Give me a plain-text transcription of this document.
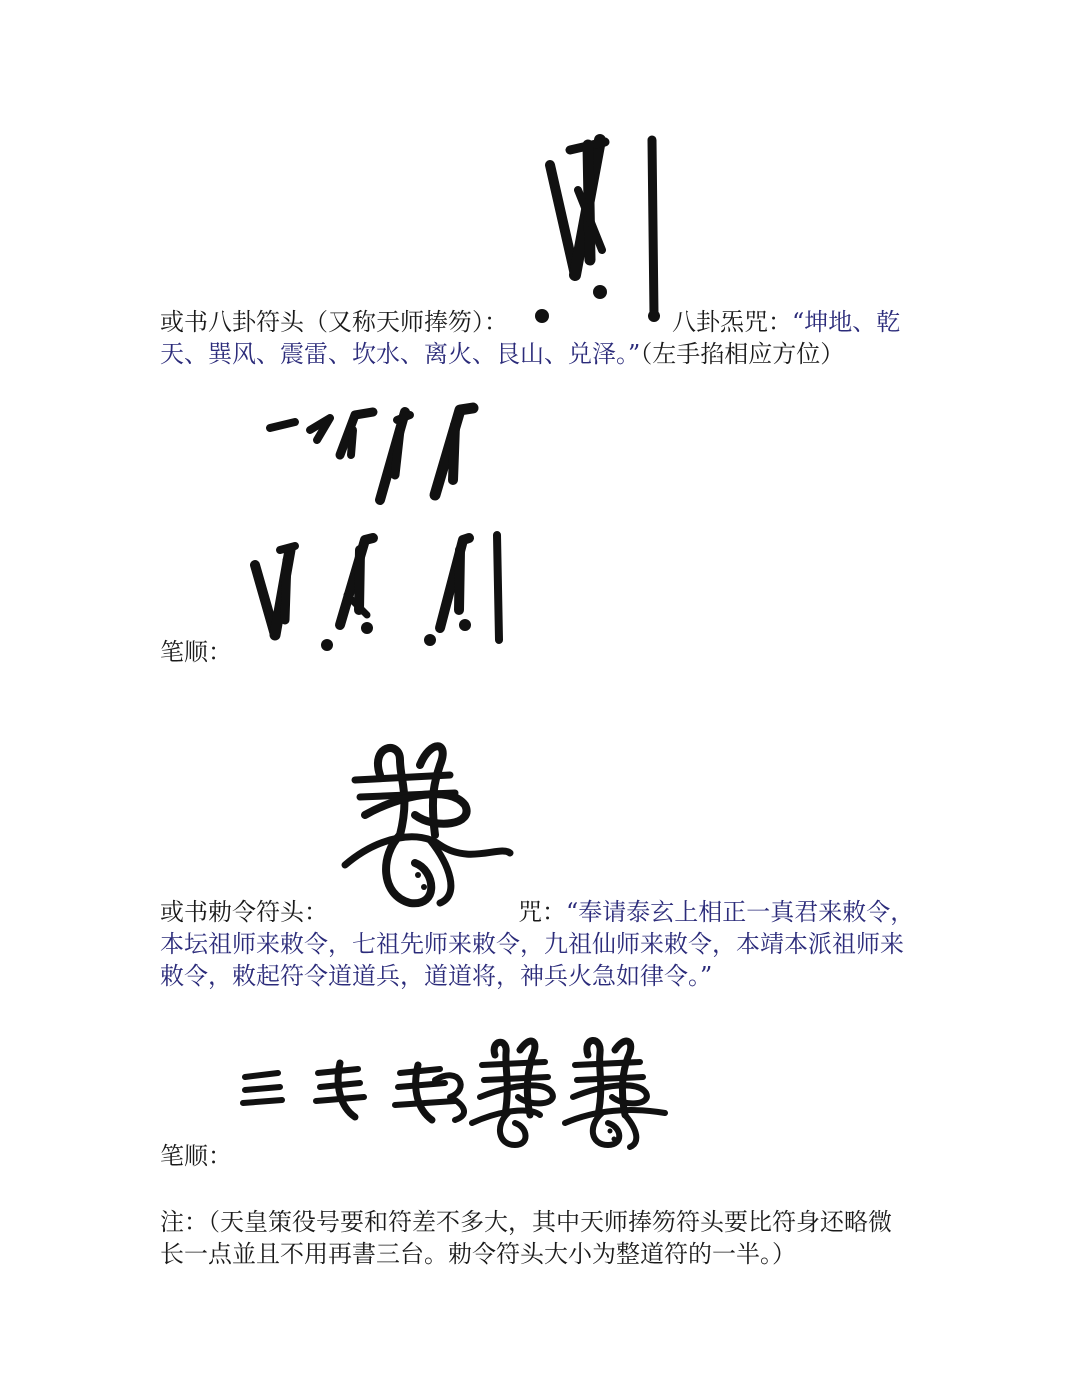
或书八卦符头（又称天师捧笏）：	八卦炁咒：“坤地、乾
天、巽风、震雷、坎水、离火、艮山、兑泽。”（左手掐相应方位）
笔顺：
或书勅令符头：	咒：“奉请泰玄上相正一真君来敕令，
本坛祖师来敕令，七祖先师来敕令，九祖仙师来敕令，本靖本派祖师来
敕令，敕起符令道道兵，道道将，神兵火急如律令。”
笔顺：
注：（天皇策役号要和符差不多大，其中天师捧笏符头要比符身还略微
长一点並且不用再書三台。勅令符头大小为整道符的一半。）
